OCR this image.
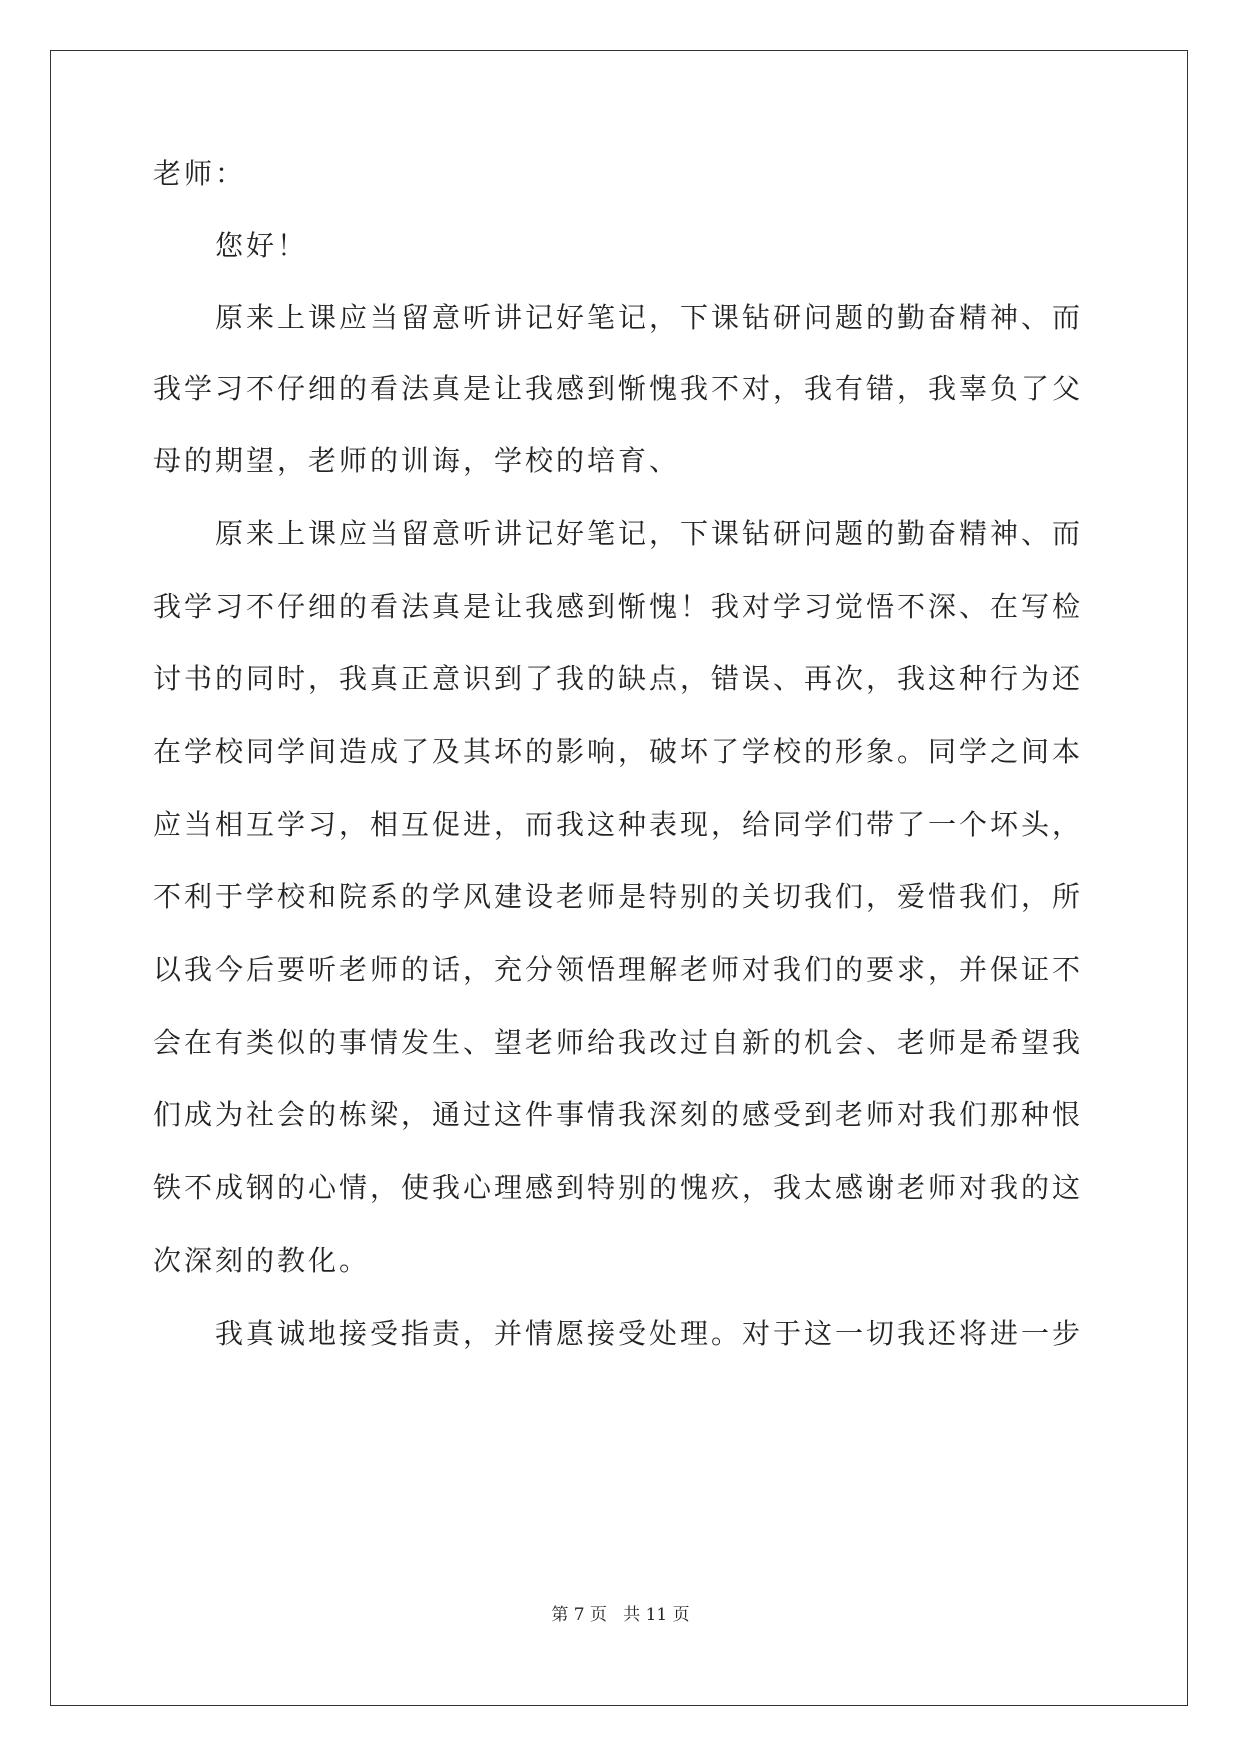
老师：
您好！
原来上课应当留意听讲记好笔记，下课钻研问题的勤奋精神、而
我学习不仔细的看法真是让我感到惭愧我不对，我有错，我辜负了父
母的期望，老师的训诲，学校的培育、
原来上课应当留意听讲记好笔记，下课钻研问题的勤奋精神、而
我学习不仔细的看法真是让我感到惭愧！我对学习觉悟不深、在写检
讨书的同时，我真正意识到了我的缺点，错误、再次，我这种行为还
在学校同学间造成了及其坏的影响，破坏了学校的形象。同学之间本
应当相互学习，相互促进，而我这种表现，给同学们带了一个坏头，
不利于学校和院系的学风建设老师是特别的关切我们，爱惜我们，所
以我今后要听老师的话，充分领悟理解老师对我们的要求，并保证不
会在有类似的事情发生、望老师给我改过自新的机会、老师是希望我
们成为社会的栋梁，通过这件事情我深刻的感受到老师对我们那种恨
铁不成钢的心情，使我心理感到特别的愧疚，我太感谢老师对我的这
次深刻的教化。
我真诚地接受指责，并情愿接受处理。对于这一切我还将进一步
第 7 页   共 11 页
